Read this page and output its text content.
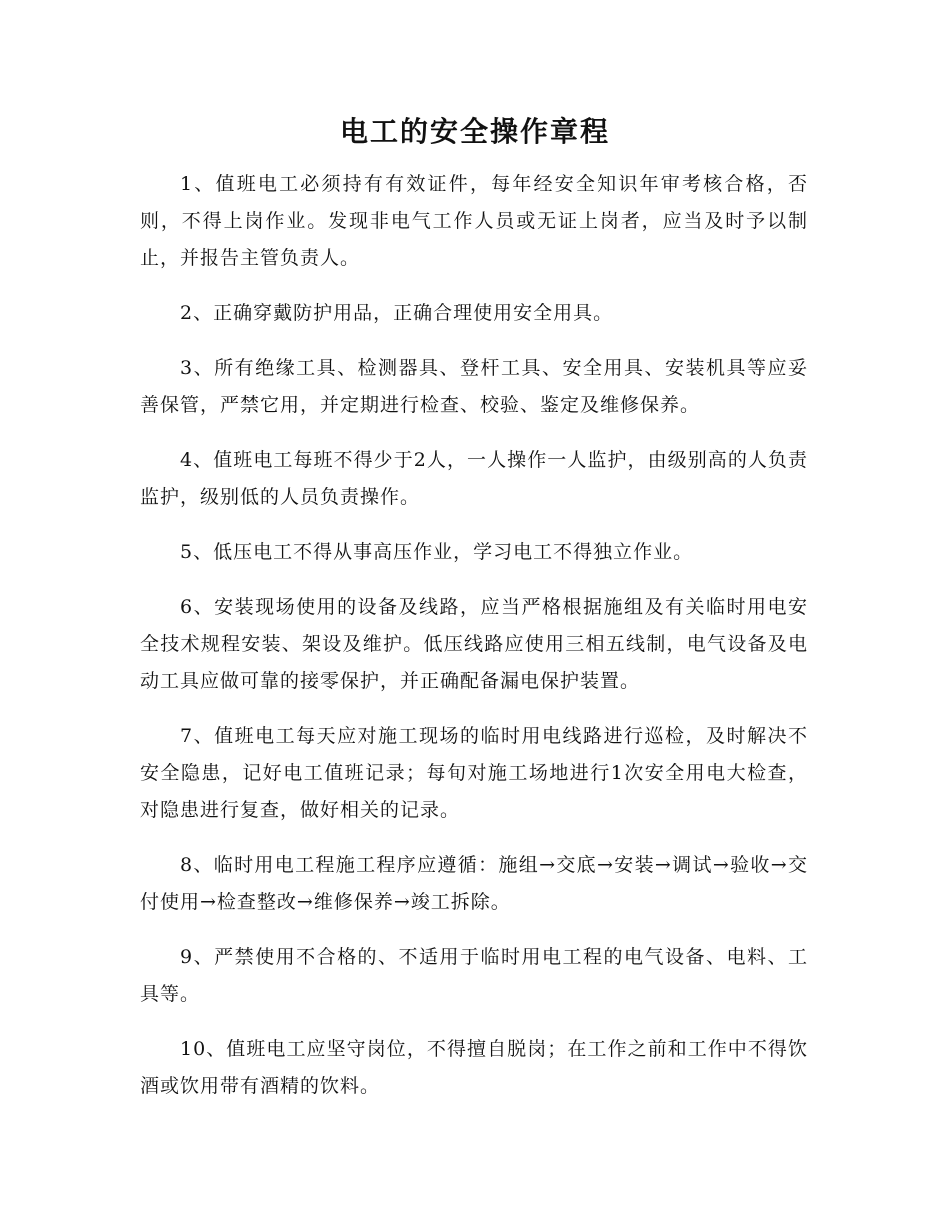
电工的安全操作章程

1、值班电工必须持有有效证件，每年经安全知识年审考核合格，否则，不得上岗作业。发现非电气工作人员或无证上岗者，应当及时予以制止，并报告主管负责人。

2、正确穿戴防护用品，正确合理使用安全用具。

3、所有绝缘工具、检测器具、登杆工具、安全用具、安装机具等应妥善保管，严禁它用，并定期进行检查、校验、鉴定及维修保养。

4、值班电工每班不得少于2人，一人操作一人监护，由级别高的人负责监护，级别低的人员负责操作。

5、低压电工不得从事高压作业，学习电工不得独立作业。

6、安装现场使用的设备及线路，应当严格根据施组及有关临时用电安全技术规程安装、架设及维护。低压线路应使用三相五线制，电气设备及电动工具应做可靠的接零保护，并正确配备漏电保护装置。

7、值班电工每天应对施工现场的临时用电线路进行巡检，及时解决不安全隐患，记好电工值班记录；每旬对施工场地进行1次安全用电大检查，对隐患进行复查，做好相关的记录。

8、临时用电工程施工程序应遵循：施组→交底→安装→调试→验收→交付使用→检查整改→维修保养→竣工拆除。

9、严禁使用不合格的、不适用于临时用电工程的电气设备、电料、工具等。

10、值班电工应坚守岗位，不得擅自脱岗；在工作之前和工作中不得饮酒或饮用带有酒精的饮料。
